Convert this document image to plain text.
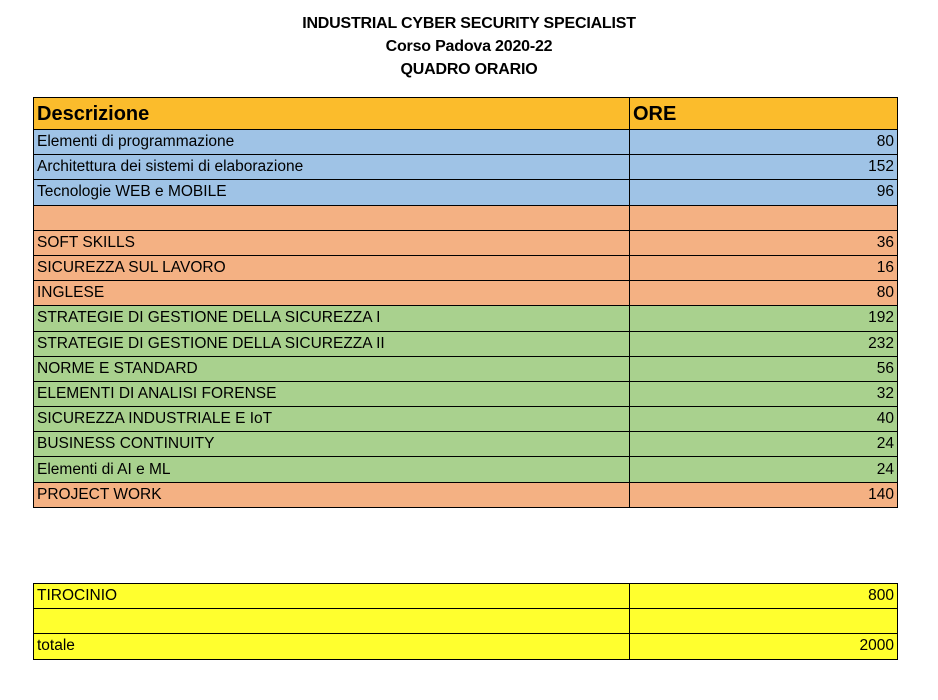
INDUSTRIAL CYBER SECURITY SPECIALIST
Corso Padova 2020-22
QUADRO ORARIO
Descrizione	ORE
Elementi di programmazione	80
Architettura dei sistemi di elaborazione	152
Tecnologie WEB e MOBILE	96

SOFT SKILLS	36
SICUREZZA SUL LAVORO	16
INGLESE	80
STRATEGIE DI GESTIONE DELLA SICUREZZA I	192
STRATEGIE DI GESTIONE DELLA SICUREZZA II	232
NORME E STANDARD	56
ELEMENTI DI ANALISI FORENSE	32
SICUREZZA INDUSTRIALE E IoT	40
BUSINESS CONTINUITY	24
Elementi di AI e ML	24
PROJECT WORK	140
TIROCINIO	800

totale	2000
